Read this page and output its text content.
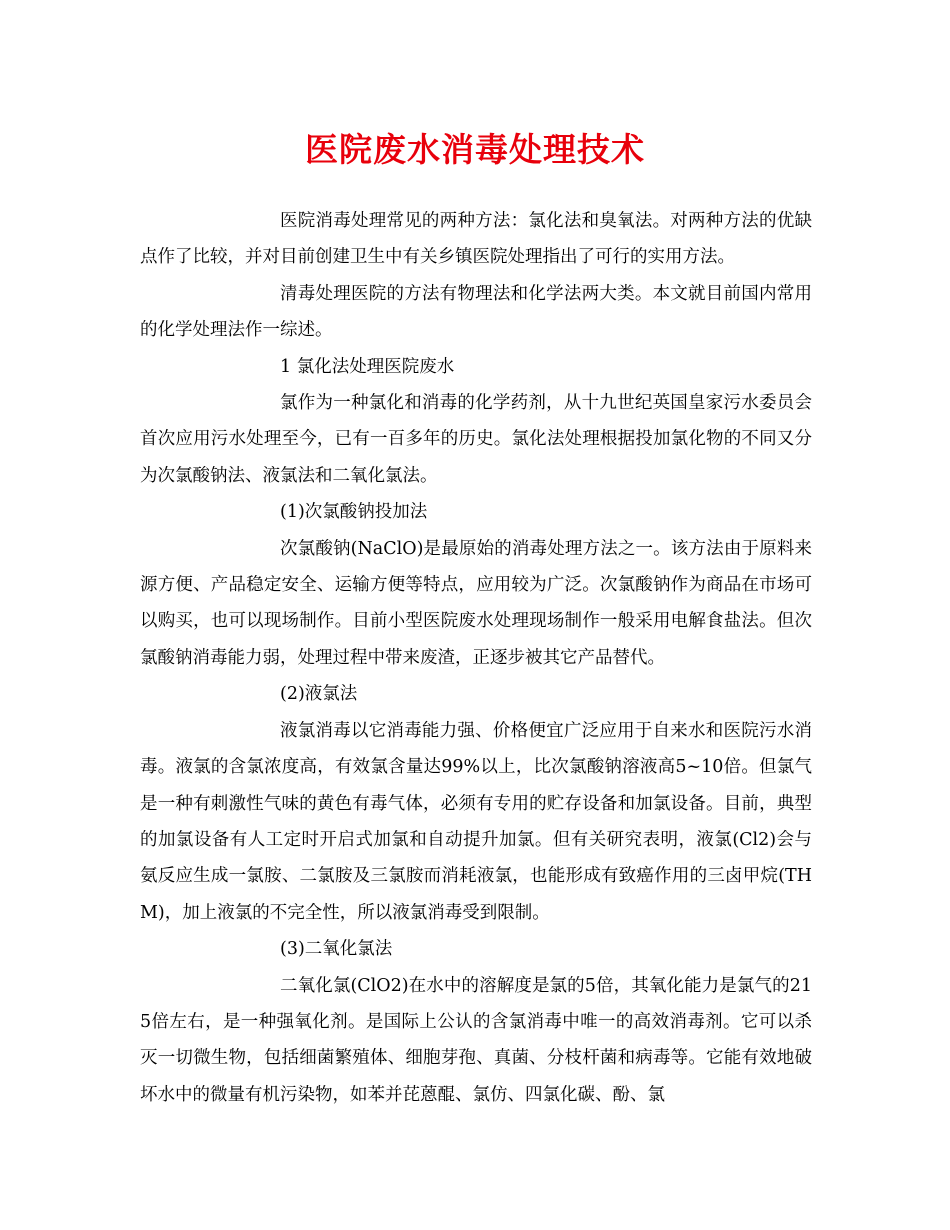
医院废水消毒处理技术

医院消毒处理常见的两种方法：氯化法和臭氧法。对两种方法的优缺点作了比较，并对目前创建卫生中有关乡镇医院处理指出了可行的实用方法。

清毒处理医院的方法有物理法和化学法两大类。本文就目前国内常用的化学处理法作一综述。

1 氯化法处理医院废水

氯作为一种氯化和消毒的化学药剂，从十九世纪英国皇家污水委员会首次应用污水处理至今，已有一百多年的历史。氯化法处理根据投加氯化物的不同又分为次氯酸钠法、液氯法和二氧化氯法。

(1)次氯酸钠投加法

次氯酸钠(NaClO)是最原始的消毒处理方法之一。该方法由于原料来源方便、产品稳定安全、运输方便等特点，应用较为广泛。次氯酸钠作为商品在市场可以购买，也可以现场制作。目前小型医院废水处理现场制作一般采用电解食盐法。但次氯酸钠消毒能力弱，处理过程中带来废渣，正逐步被其它产品替代。

(2)液氯法

液氯消毒以它消毒能力强、价格便宜广泛应用于自来水和医院污水消毒。液氯的含氯浓度高，有效氯含量达99%以上，比次氯酸钠溶液高5~10倍。但氯气是一种有刺激性气味的黄色有毒气体，必须有专用的贮存设备和加氯设备。目前，典型的加氯设备有人工定时开启式加氯和自动提升加氯。但有关研究表明，液氯(Cl2)会与氨反应生成一氯胺、二氯胺及三氯胺而消耗液氯，也能形成有致癌作用的三卤甲烷(THM)，加上液氯的不完全性，所以液氯消毒受到限制。

(3)二氧化氯法

二氧化氯(ClO2)在水中的溶解度是氯的5倍，其氧化能力是氯气的215倍左右，是一种强氧化剂。是国际上公认的含氯消毒中唯一的高效消毒剂。它可以杀灭一切微生物，包括细菌繁殖体、细胞芽孢、真菌、分枝杆菌和病毒等。它能有效地破坏水中的微量有机污染物，如苯并芘蒽醌、氯仿、四氯化碳、酚、氯
